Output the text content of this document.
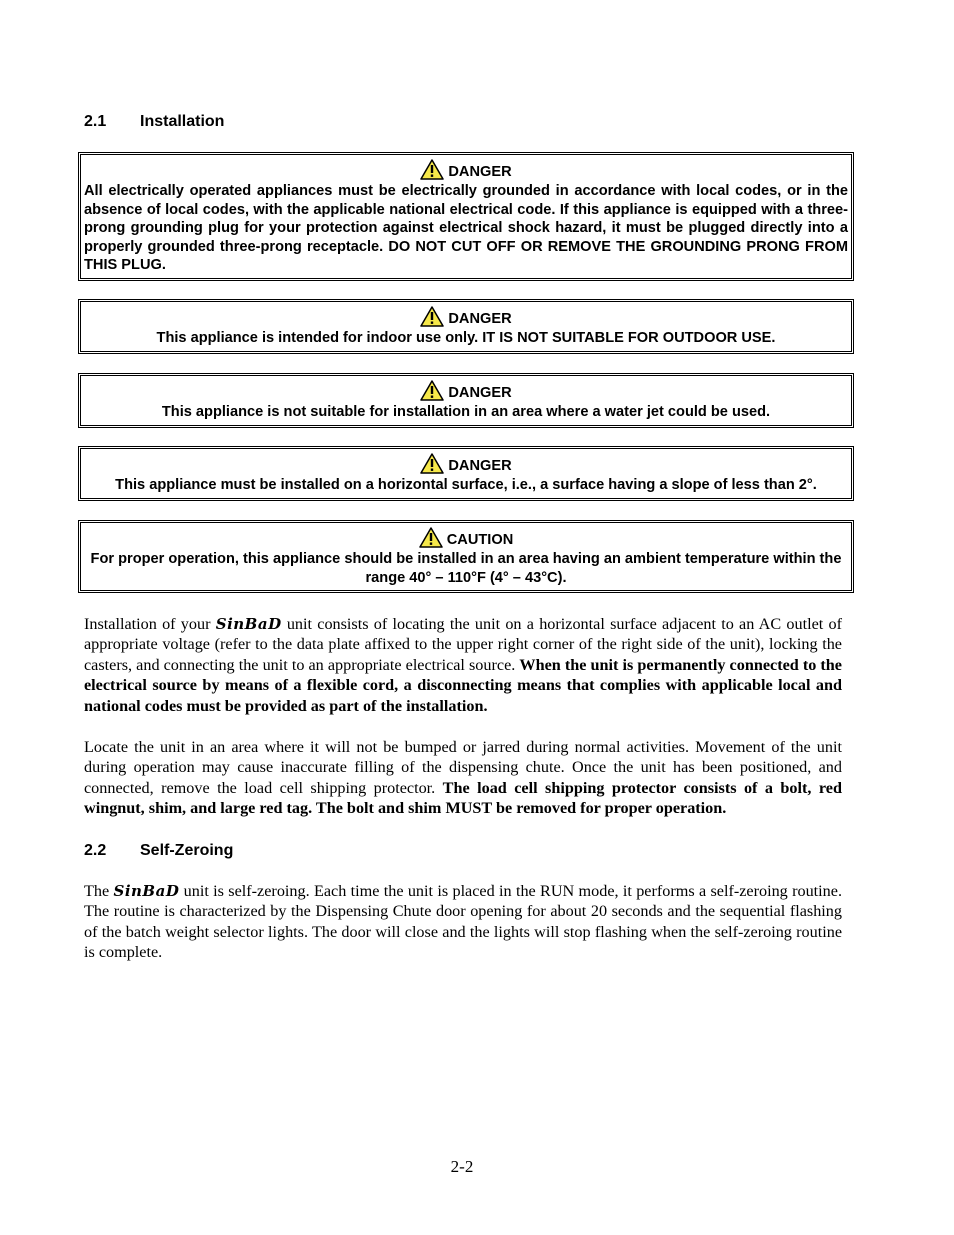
2.1 Installation
DANGER
All electrically operated appliances must be electrically grounded in accordance with local codes, or in the absence of local codes, with the applicable national electrical code. If this appliance is equipped with a three-prong grounding plug for your protection against electrical shock hazard, it must be plugged directly into a properly grounded three-prong receptacle. DO NOT CUT OFF OR REMOVE THE GROUNDING PRONG FROM THIS PLUG.
DANGER
This appliance is intended for indoor use only. IT IS NOT SUITABLE FOR OUTDOOR USE.
DANGER
This appliance is not suitable for installation in an area where a water jet could be used.
DANGER
This appliance must be installed on a horizontal surface, i.e., a surface having a slope of less than 2°.
CAUTION
For proper operation, this appliance should be installed in an area having an ambient temperature within the range 40° – 110°F (4° – 43°C).
Installation of your SinBaD unit consists of locating the unit on a horizontal surface adjacent to an AC outlet of appropriate voltage (refer to the data plate affixed to the upper right corner of the right side of the unit), locking the casters, and connecting the unit to an appropriate electrical source. When the unit is permanently connected to the electrical source by means of a flexible cord, a disconnecting means that complies with applicable local and national codes must be provided as part of the installation.
Locate the unit in an area where it will not be bumped or jarred during normal activities. Movement of the unit during operation may cause inaccurate filling of the dispensing chute. Once the unit has been positioned, and connected, remove the load cell shipping protector. The load cell shipping protector consists of a bolt, red wingnut, shim, and large red tag. The bolt and shim MUST be removed for proper operation.
2.2 Self-Zeroing
The SinBaD unit is self-zeroing. Each time the unit is placed in the RUN mode, it performs a self-zeroing routine. The routine is characterized by the Dispensing Chute door opening for about 20 seconds and the sequential flashing of the batch weight selector lights. The door will close and the lights will stop flashing when the self-zeroing routine is complete.
2-2
